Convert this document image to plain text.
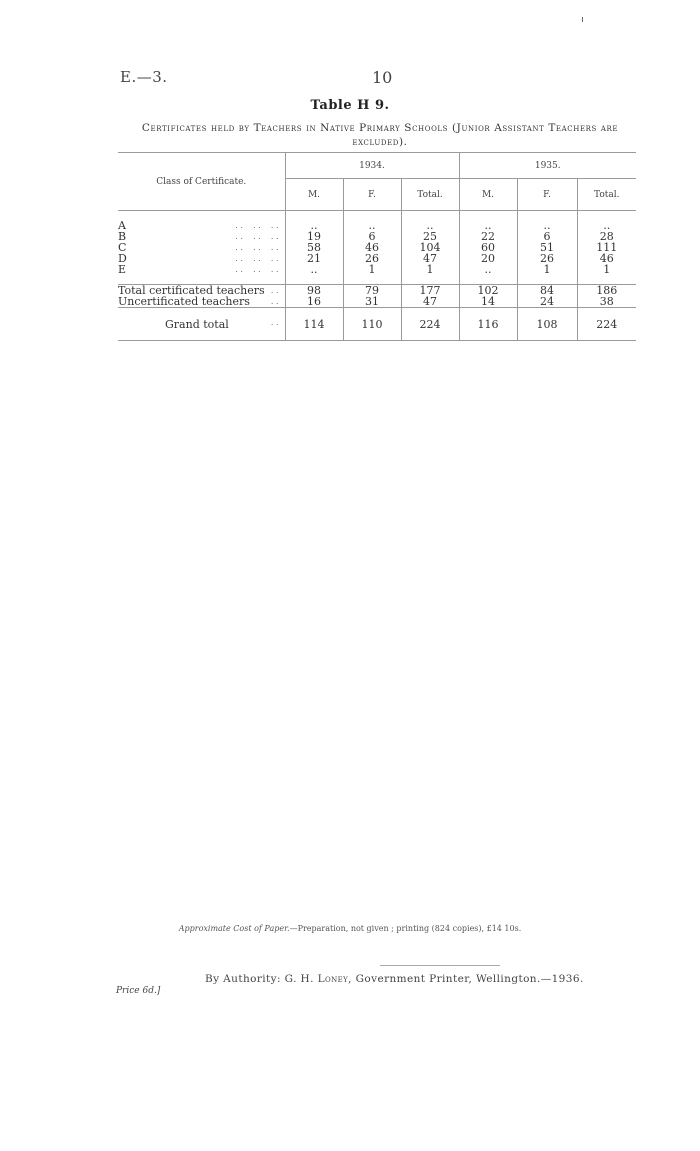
E.—3.	10
Table H 9.
Certificates held by Teachers in Native Primary Schools (Junior Assistant Teachers are
excluded).
Class of Certificate.	1934.			1935.		
	M.	F.	Total.	M.	F.	Total.

A . .    . .    . .	..	..	..	..	..	..
B . .    . .    . .	19	6	25	22	6	28
C . .    . .    . .	58	46	104	60	51	111
D . .    . .    . .	21	26	47	20	26	46
E . .    . .    . .	..	1	1	..	1	1

Total certificated teachers . .	98	79	177	102	84	186
Uncertificated teachers . .	16	31	47	14	24	38
Grand total . .	114	110	224	116	108	224
Approximate Cost of Paper.—Preparation, not given ; printing (824 copies), £14 10s.
By Authority: G. H. Loney, Government Printer, Wellington.—1936.
Price 6d.]
